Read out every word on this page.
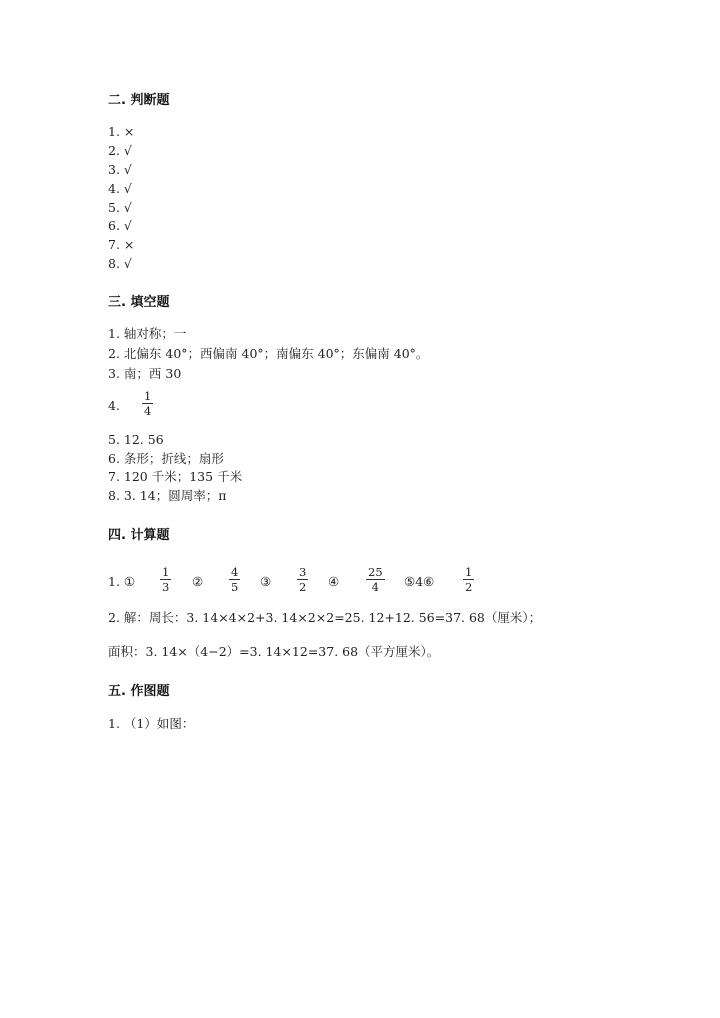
二. 判断题
1. ×
2. √
3. √
4. √
5. √
6. √
7. ×
8. √
三. 填空题
1. 轴对称；一
2. 北偏东 40°；西偏南 40°；南偏东 40°；东偏南 40°。
3. 南；西 30
4. $\frac{1}{4}$
5. 12. 56
6. 条形；折线；扇形
7. 120 千米；135 千米
8. 3. 14；圆周率；π
四. 计算题
1. ① $\frac{1}{3}$ ② $\frac{4}{5}$ ③ $\frac{3}{2}$ ④ $\frac{25}{4}$ ⑤4⑥ $\frac{1}{2}$
2. 解：周长：3. 14×4×2+3. 14×2×2=25. 12+12. 56=37. 68（厘米）；
面积：3. 14×（4−2）=3. 14×12=37. 68（平方厘米）。
五. 作图题
1. （1）如图：
